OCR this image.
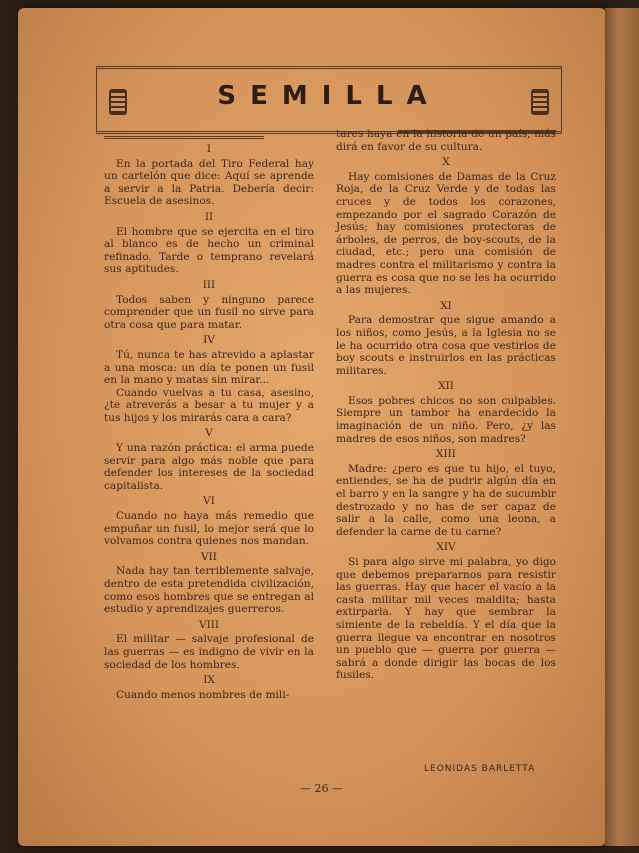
SEMILLA
I

En la portada del Tiro Federal hay un cartelón que dice: Aquí se aprende a servir a la Patria. Debería decir: Escuela de asesinos.

II

El hombre que se ejercita en el tiro al blanco es de hecho un criminal refinado. Tarde o temprano revelará sus aptitudes.

III

Todos saben y ninguno parece comprender que un fusil no sirve para otra cosa que para matar.

IV

Tú, nunca te has atrevido a aplastar a una mosca: un día te ponen un fusil en la mano y matas sin mirar...

Cuando vuelvas a tu casa, asesino, ¿te atreverás a besar a tu mujer y a tus hijos y los mirarás cara a cara?

V

Y una razón práctica: el arma puede servir para algo más noble que para defender los intereses de la sociedad capitalista.

VI

Cuando no haya más remedio que empuñar un fusil, lo mejor será que lo volvamos contra quienes nos mandan.

VII

Nada hay tan terriblemente salvaje, dentro de esta pretendida civilización, como esos hombres que se entregan al estudio y aprendizajes guerreros.

VIII

El militar — salvaje profesional de las guerras — es indigno de vivir en la sociedad de los hombres.

IX

Cuando menos nombres de mili-

tares haya en la historia de un país, más dirá en favor de su cultura.

X

Hay comisiones de Damas de la Cruz Roja, de la Cruz Verde y de todas las cruces y de todos los corazones, empezando por el sagrado Corazón de Jesús; hay comisiones protectoras de árboles, de perros, de boy-scouts, de la ciudad, etc.; pero una comisión de madres contra el militarismo y contra la guerra es cosa que no se les ha ocurrido a las mujeres.

XI

Para demostrar que sigue amando a los niños, como Jesús, a la Iglesia no se le ha ocurrido otra cosa que vestirlos de boy scouts e instruirlos en las prácticas militares.

XII

Esos pobres chicos no son culpables. Siempre un tambor ha enardecido la imaginación de un niño. Pero, ¿y las madres de esos niños, son madres?

XIII

Madre: ¿pero es que tu hijo, el tuyo, entiendes, se ha de pudrir algún día en el barro y en la sangre y ha de sucumbir destrozado y no has de ser capaz de salir a la calle, como una leona, a defender la carne de tu carne?

XIV

Si para algo sirve mi palabra, yo digo que debemos prepararnos para resistir las guerras. Hay que hacer el vacío a la casta militar mil veces maldita; hasta extirparla. Y hay que sembrar la simiente de la rebeldía. Y el día que la guerra llegue va encontrar en nosotros un pueblo que — guerra por guerra — sabrá a donde dirigir las bocas de los fusiles.

LEONIDAS BARLETTA
— 26 —
